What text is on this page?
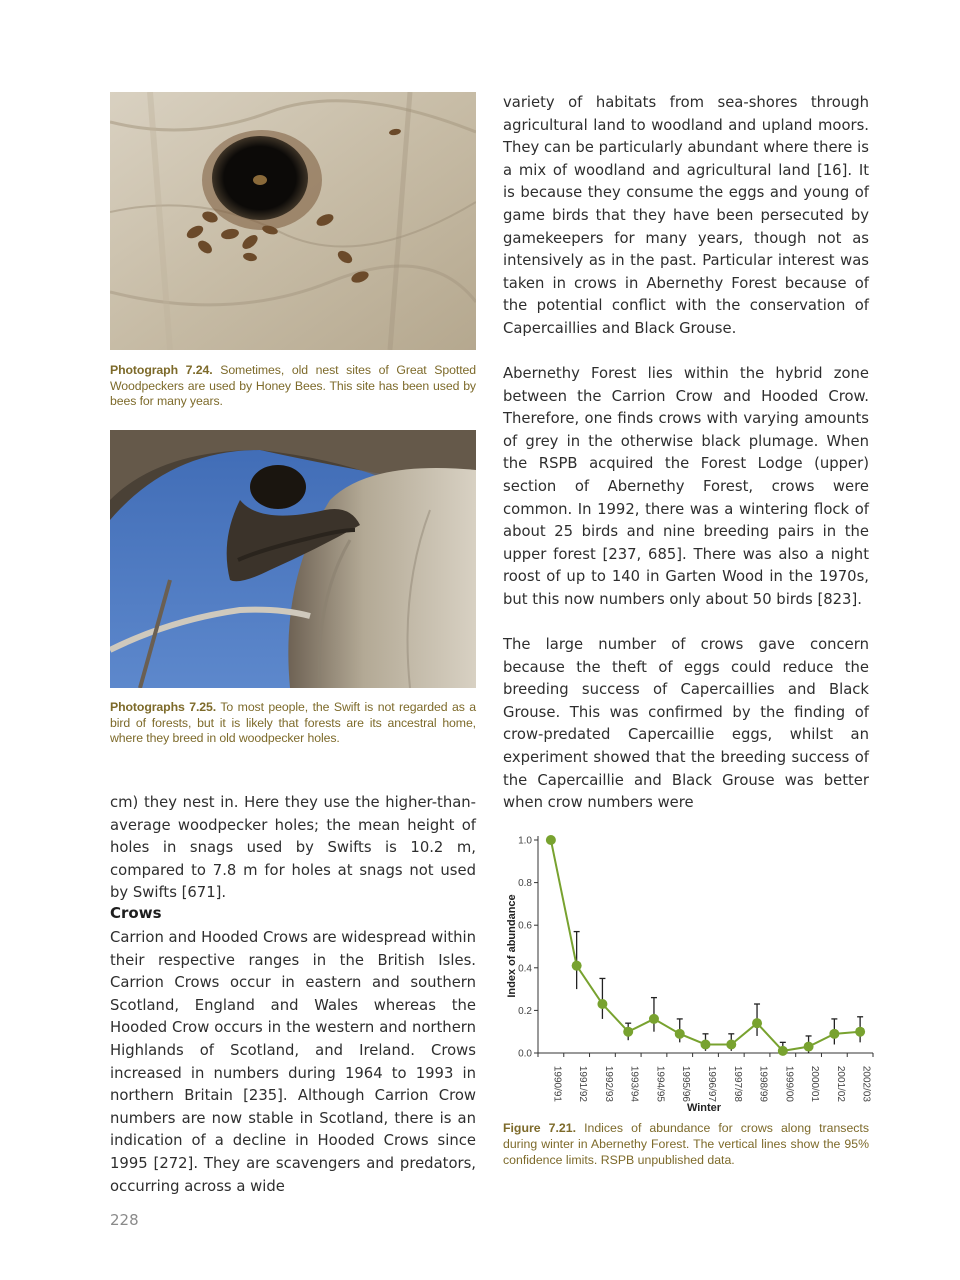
Photograph 7.24. Sometimes, old nest sites of Great Spotted Woodpeckers are used by Honey Bees. This site has been used by bees for many years.
Photographs 7.25. To most people, the Swift is not regarded as a bird of forests, but it is likely that forests are its ancestral home, where they breed in old woodpecker holes.

variety of habitats from sea-shores through agricultural land to woodland and upland moors. They can be particularly abundant where there is a mix of woodland and agricultural land [16]. It is because they consume the eggs and young of game birds that they have been persecuted by gamekeepers for many years, though not as intensively as in the past. Particular interest was taken in crows in Abernethy Forest because of the potential conflict with the conservation of Capercaillies and Black Grouse.

Abernethy Forest lies within the hybrid zone between the Carrion Crow and Hooded Crow. Therefore, one finds crows with varying amounts of grey in the otherwise black plumage. When the RSPB acquired the Forest Lodge (upper) section of Abernethy Forest, crows were common. In 1992, there was a wintering flock of about 25 birds and nine breeding pairs in the upper forest [237, 685]. There was also a night roost of up to 140 in Garten Wood in the 1970s, but this now numbers only about 50 birds [823].

The large number of crows gave concern because the theft of eggs could reduce the breeding success of Capercaillies and Black Grouse. This was confirmed by the finding of crow-predated Capercaillie eggs, whilst an experiment showed that the breeding success of the Capercaillie and Black Grouse was better when crow numbers were

cm) they nest in. Here they use the higher-than-average woodpecker holes; the mean height of holes in snags used by Swifts is 10.2 m, compared to 7.8 m for holes at snags not used by Swifts [671].

Crows

Carrion and Hooded Crows are widespread within their respective ranges in the British Isles. Carrion Crows occur in eastern and southern Scotland, England and Wales whereas the Hooded Crow occurs in the western and northern Highlands of Scotland, and Ireland. Crows increased in numbers during 1964 to 1993 in northern Britain [235]. Although Carrion Crow numbers are now stable in Scotland, there is an indication of a decline in Hooded Crows since 1995 [272]. They are scavengers and predators, occurring across a wide

Index of abundance
Winter
0.0
0.2
0.4
0.6
0.8
1.0
1990/91 1991/92 1992/93 1993/94 1994/95 1995/96 1996/97 1997/98 1998/99 1999/00 2000/01 2001/02 2002/03
Figure 7.21. Indices of abundance for crows along transects during winter in Abernethy Forest. The vertical lines show the 95% confidence limits. RSPB unpublished data.
228
